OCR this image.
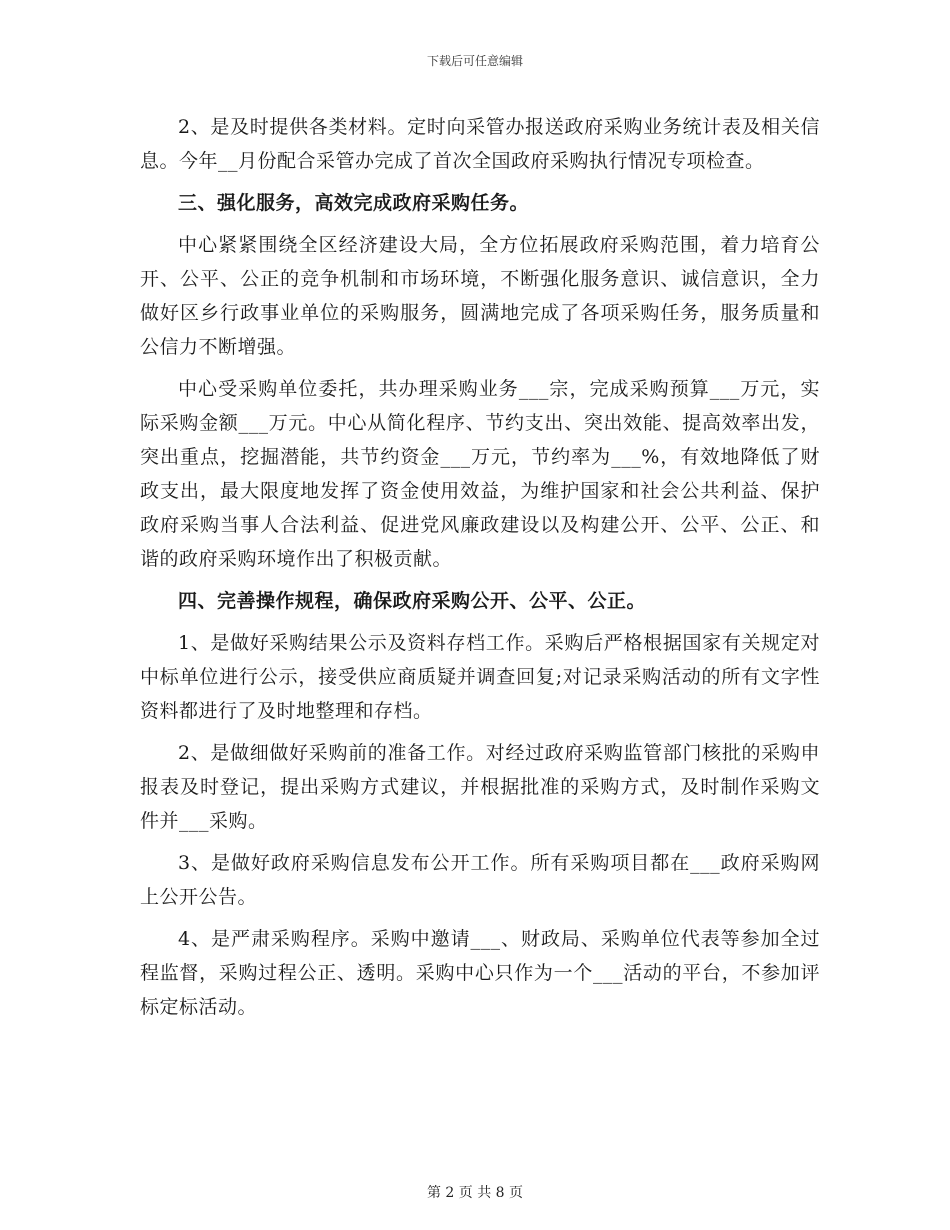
下载后可任意编辑

2、是及时提供各类材料。定时向采管办报送政府采购业务统计表及相关信息。今年__月份配合采管办完成了首次全国政府采购执行情况专项检查。

三、强化服务，高效完成政府采购任务。

中心紧紧围绕全区经济建设大局，全方位拓展政府采购范围，着力培育公开、公平、公正的竞争机制和市场环境，不断强化服务意识、诚信意识，全力做好区乡行政事业单位的采购服务，圆满地完成了各项采购任务，服务质量和公信力不断增强。

中心受采购单位委托，共办理采购业务___宗，完成采购预算___万元，实际采购金额___万元。中心从简化程序、节约支出、突出效能、提高效率出发，突出重点，挖掘潜能，共节约资金___万元，节约率为___%，有效地降低了财政支出，最大限度地发挥了资金使用效益，为维护国家和社会公共利益、保护政府采购当事人合法利益、促进党风廉政建设以及构建公开、公平、公正、和谐的政府采购环境作出了积极贡献。

四、完善操作规程，确保政府采购公开、公平、公正。

1、是做好采购结果公示及资料存档工作。采购后严格根据国家有关规定对中标单位进行公示，接受供应商质疑并调查回复;对记录采购活动的所有文字性资料都进行了及时地整理和存档。

2、是做细做好采购前的准备工作。对经过政府采购监管部门核批的采购申报表及时登记，提出采购方式建议，并根据批准的采购方式，及时制作采购文件并___采购。

3、是做好政府采购信息发布公开工作。所有采购项目都在___政府采购网上公开公告。

4、是严肃采购程序。采购中邀请___、财政局、采购单位代表等参加全过程监督，采购过程公正、透明。采购中心只作为一个___活动的平台，不参加评标定标活动。

第 2 页 共 8 页
